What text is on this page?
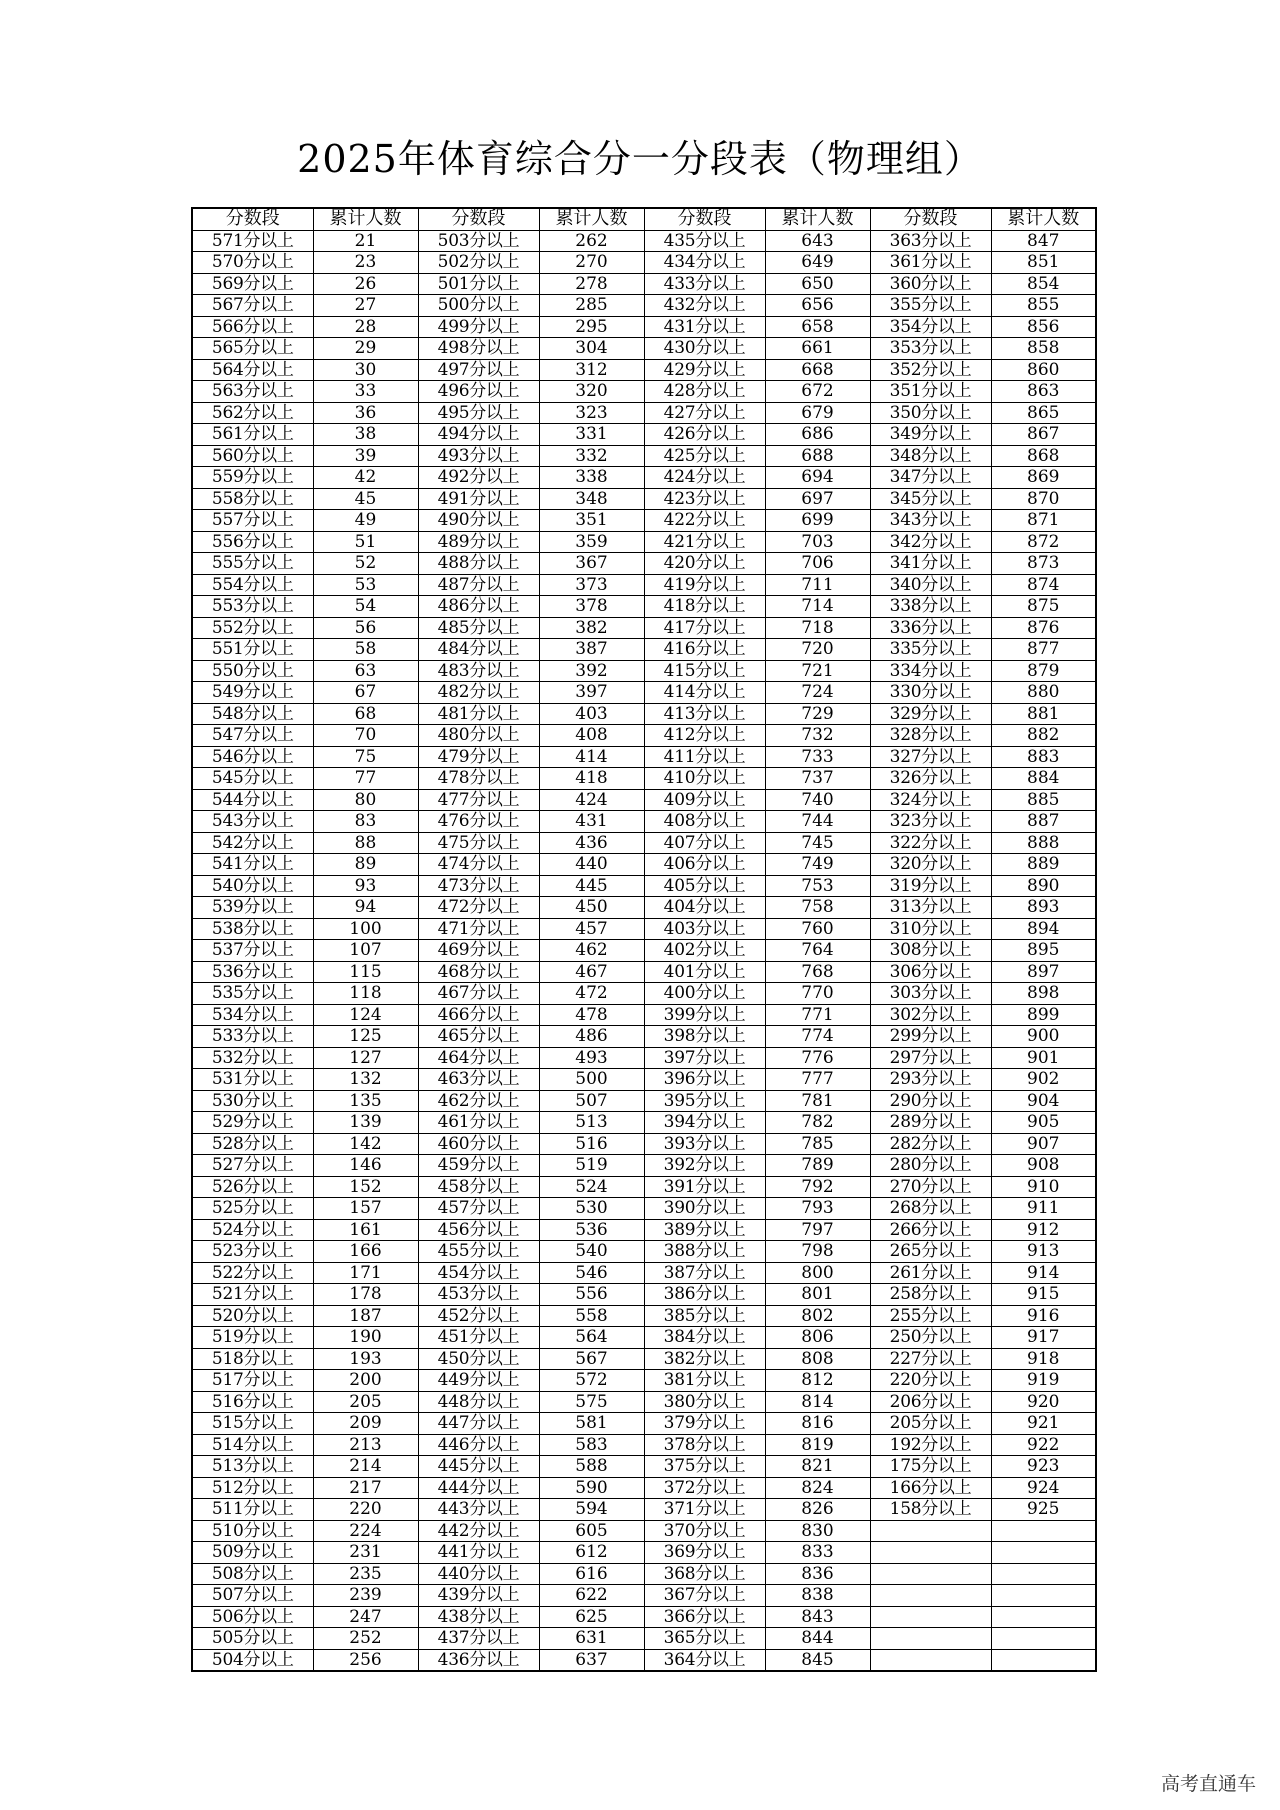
2025年体育综合分一分段表（物理组）
分数段	累计人数	分数段	累计人数	分数段	累计人数	分数段	累计人数
571分以上	21	503分以上	262	435分以上	643	363分以上	847
570分以上	23	502分以上	270	434分以上	649	361分以上	851
569分以上	26	501分以上	278	433分以上	650	360分以上	854
567分以上	27	500分以上	285	432分以上	656	355分以上	855
566分以上	28	499分以上	295	431分以上	658	354分以上	856
565分以上	29	498分以上	304	430分以上	661	353分以上	858
564分以上	30	497分以上	312	429分以上	668	352分以上	860
563分以上	33	496分以上	320	428分以上	672	351分以上	863
562分以上	36	495分以上	323	427分以上	679	350分以上	865
561分以上	38	494分以上	331	426分以上	686	349分以上	867
560分以上	39	493分以上	332	425分以上	688	348分以上	868
559分以上	42	492分以上	338	424分以上	694	347分以上	869
558分以上	45	491分以上	348	423分以上	697	345分以上	870
557分以上	49	490分以上	351	422分以上	699	343分以上	871
556分以上	51	489分以上	359	421分以上	703	342分以上	872
555分以上	52	488分以上	367	420分以上	706	341分以上	873
554分以上	53	487分以上	373	419分以上	711	340分以上	874
553分以上	54	486分以上	378	418分以上	714	338分以上	875
552分以上	56	485分以上	382	417分以上	718	336分以上	876
551分以上	58	484分以上	387	416分以上	720	335分以上	877
550分以上	63	483分以上	392	415分以上	721	334分以上	879
549分以上	67	482分以上	397	414分以上	724	330分以上	880
548分以上	68	481分以上	403	413分以上	729	329分以上	881
547分以上	70	480分以上	408	412分以上	732	328分以上	882
546分以上	75	479分以上	414	411分以上	733	327分以上	883
545分以上	77	478分以上	418	410分以上	737	326分以上	884
544分以上	80	477分以上	424	409分以上	740	324分以上	885
543分以上	83	476分以上	431	408分以上	744	323分以上	887
542分以上	88	475分以上	436	407分以上	745	322分以上	888
541分以上	89	474分以上	440	406分以上	749	320分以上	889
540分以上	93	473分以上	445	405分以上	753	319分以上	890
539分以上	94	472分以上	450	404分以上	758	313分以上	893
538分以上	100	471分以上	457	403分以上	760	310分以上	894
537分以上	107	469分以上	462	402分以上	764	308分以上	895
536分以上	115	468分以上	467	401分以上	768	306分以上	897
535分以上	118	467分以上	472	400分以上	770	303分以上	898
534分以上	124	466分以上	478	399分以上	771	302分以上	899
533分以上	125	465分以上	486	398分以上	774	299分以上	900
532分以上	127	464分以上	493	397分以上	776	297分以上	901
531分以上	132	463分以上	500	396分以上	777	293分以上	902
530分以上	135	462分以上	507	395分以上	781	290分以上	904
529分以上	139	461分以上	513	394分以上	782	289分以上	905
528分以上	142	460分以上	516	393分以上	785	282分以上	907
527分以上	146	459分以上	519	392分以上	789	280分以上	908
526分以上	152	458分以上	524	391分以上	792	270分以上	910
525分以上	157	457分以上	530	390分以上	793	268分以上	911
524分以上	161	456分以上	536	389分以上	797	266分以上	912
523分以上	166	455分以上	540	388分以上	798	265分以上	913
522分以上	171	454分以上	546	387分以上	800	261分以上	914
521分以上	178	453分以上	556	386分以上	801	258分以上	915
520分以上	187	452分以上	558	385分以上	802	255分以上	916
519分以上	190	451分以上	564	384分以上	806	250分以上	917
518分以上	193	450分以上	567	382分以上	808	227分以上	918
517分以上	200	449分以上	572	381分以上	812	220分以上	919
516分以上	205	448分以上	575	380分以上	814	206分以上	920
515分以上	209	447分以上	581	379分以上	816	205分以上	921
514分以上	213	446分以上	583	378分以上	819	192分以上	922
513分以上	214	445分以上	588	375分以上	821	175分以上	923
512分以上	217	444分以上	590	372分以上	824	166分以上	924
511分以上	220	443分以上	594	371分以上	826	158分以上	925
510分以上	224	442分以上	605	370分以上	830		
509分以上	231	441分以上	612	369分以上	833		
508分以上	235	440分以上	616	368分以上	836		
507分以上	239	439分以上	622	367分以上	838		
506分以上	247	438分以上	625	366分以上	843		
505分以上	252	437分以上	631	365分以上	844		
504分以上	256	436分以上	637	364分以上	845		
高考直通车
